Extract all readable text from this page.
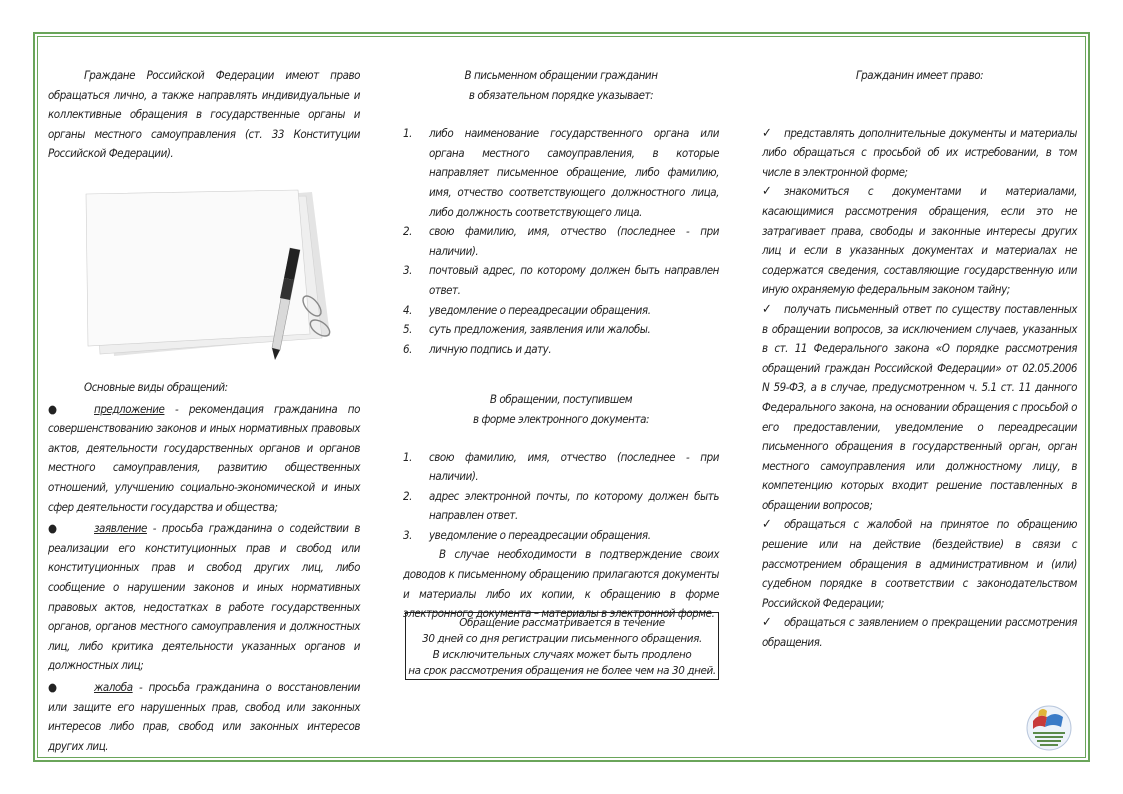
Граждане Российской Федерации имеют право обращаться лично, а также направлять индивидуальные и коллективные обращения в государственные органы и органы местного самоуправления (ст. 33 Конституции Российской Федерации).

Основные виды обращений:
●	предложение - рекомендация гражданина по совершенствованию законов и иных нормативных правовых актов, деятельности государственных органов и органов местного самоуправления, развитию общественных отношений, улучшению социально-экономической и иных сфер деятельности государства и общества;
●	заявление - просьба гражданина о содействии в реализации его конституционных прав и свобод или конституционных прав и свобод других лиц, либо сообщение о нарушении законов и иных нормативных правовых актов, недостатках в работе государственных органов, органов местного самоуправления и должностных лиц, либо критика деятельности указанных органов и должностных лиц;
●	жалоба - просьба гражданина о восстановлении или защите его нарушенных прав, свобод или законных интересов либо прав, свобод или законных интересов других лиц.
В письменном обращении гражданин
в обязательном порядке указывает:
1.	либо наименование государственного органа или органа местного самоуправления, в которые направляет письменное обращение, либо фамилию, имя, отчество соответствующего должностного лица, либо должность соответствующего лица.
2.	свою фамилию, имя, отчество (последнее - при наличии).
3.	почтовый адрес, по которому должен быть направлен ответ.
4.	уведомление о переадресации обращения.
5.	суть предложения, заявления или жалобы.
6.	личную подпись и дату.
В обращении, поступившем
в форме электронного документа:
1.	свою фамилию, имя, отчество (последнее - при наличии).
2.	адрес электронной почты, по которому должен быть направлен ответ.
3.	уведомление о переадресации обращения.

В случае необходимости в подтверждение своих доводов к письменному обращению прилагаются документы и материалы либо их копии, к обращению в форме электронного документа – материалы в электронной форме.

Обращение рассматривается в течение
30 дней со дня регистрации письменного обращения.
В исключительных случаях может быть продлено
на срок рассмотрения обращения не более чем на 30 дней.
Гражданин имеет право:
✓ представлять дополнительные документы и материалы либо обращаться с просьбой об их истребовании, в том числе в электронной форме;
✓ знакомиться с документами и материалами, касающимися рассмотрения обращения, если это не затрагивает права, свободы и законные интересы других лиц и если в указанных документах и материалах не содержатся сведения, составляющие государственную или иную охраняемую федеральным законом тайну;
✓ получать письменный ответ по существу поставленных в обращении вопросов, за исключением случаев, указанных в ст. 11 Федерального закона «О порядке рассмотрения обращений граждан Российской Федерации» от 02.05.2006 N 59-ФЗ, а в случае, предусмотренном ч. 5.1 ст. 11 данного Федерального закона, на основании обращения с просьбой о его предоставлении, уведомление о переадресации письменного обращения в государственный орган, орган местного самоуправления или должностному лицу, в компетенцию которых входит решение поставленных в обращении вопросов;
✓ обращаться с жалобой на принятое по обращению решение или на действие (бездействие) в связи с рассмотрением обращения в административном и (или) судебном порядке в соответствии с законодательством Российской Федерации;
✓ обращаться с заявлением о прекращении рассмотрения обращения.
